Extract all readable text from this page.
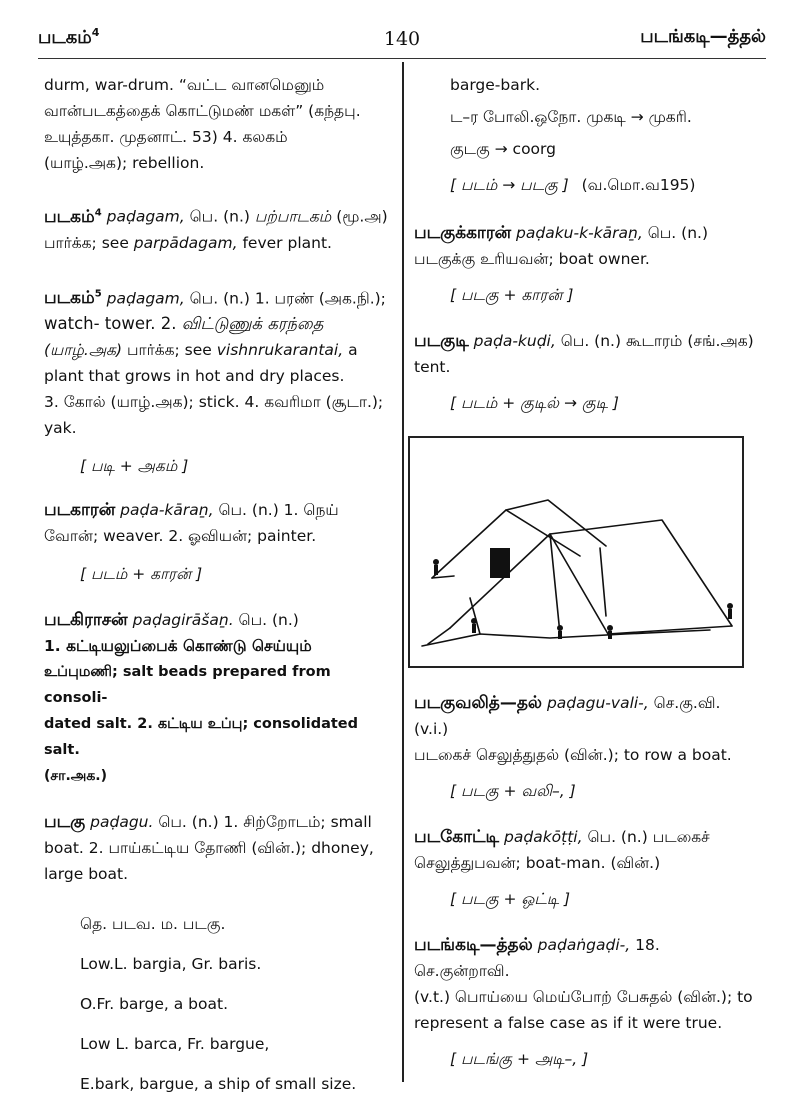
படகம்$^4$	140	படங்கடி—த்தல்
durm, war-drum. “வட்ட வானமெனும்
வான்படகத்தைக் கொட்டுமண் மகள்” (கந்தபு.
உயுத்தகா. முதனாட். 53) 4. கலகம்
(யாழ்.அக); rebellion.
படகம்$^4$ paḍagam, பெ. (n.) பற்பாடகம் (மூ.அ)
பார்க்க; see parpādagam, fever plant.
படகம்$^5$ paḍagam, பெ. (n.) 1. பரண் (அக.நி.);
watch- tower. 2. விட்டுணுக் கரந்தை
(யாழ்.அக) பார்க்க; see vishnrukarantai, a
plant that grows in hot and dry places.
3. கோல் (யாழ்.அக); stick. 4. கவரிமா (சூடா.);
yak.
[ படி + அகம் ]
படகாரன் paḍa-kāraṉ, பெ. (n.) 1. நெய்
வோன்; weaver. 2. ஓவியன்; painter.
[ படம் + காரன் ]
படகிராசன் paḍagirāšaṉ. பெ. (n.)
1. கட்டியலுப்பைக் கொண்டு செய்யும்
உப்புமணி; salt beads prepared from consoli-
dated salt. 2. கட்டிய உப்பு; consolidated salt.
(சா.அக.)
படகு paḍagu. பெ. (n.) 1. சிற்றோடம்; small
boat. 2. பாய்கட்டிய தோணி (வின்.); dhoney,
large boat.
தெ. படவ. ம. படகு.
Low.L. bargia, Gr. baris.
O.Fr. barge, a boat.
Low L. barca, Fr. bargue,
E.bark, bargue, a ship of small size.
barge-bark.
ட–ர போலி.ஒநோ. முகடி → முகரி.
குடகு → coorg
[ படம் → படகு ] (வ.மொ.வ195)
படகுக்காரன் paḍaku-k-kāraṉ, பெ. (n.)
படகுக்கு உரியவன்; boat owner.
[ படகு + காரன் ]
படகுடி paḍa-kuḍi, பெ. (n.) கூடாரம் (சங்.அக)
tent.
[ படம் + குடில் → குடி ]
படகுவலித்—தல் paḍagu-vali-, செ.கு.வி. (v.i.)
படகைச் செலுத்துதல் (வின்.); to row a boat.
[ படகு + வலி–, ]
படகோட்டி paḍakōṭṭi, பெ. (n.) படகைச்
செலுத்துபவன்; boat-man. (வின்.)
[ படகு + ஒட்டி ]
படங்கடி—த்தல் paḍaṅgaḍi-, 18. செ.குன்றாவி.
(v.t.) பொய்யை மெய்போற் பேசுதல் (வின்.); to
represent a false case as if it were true.
[ படங்கு + அடி–, ]
